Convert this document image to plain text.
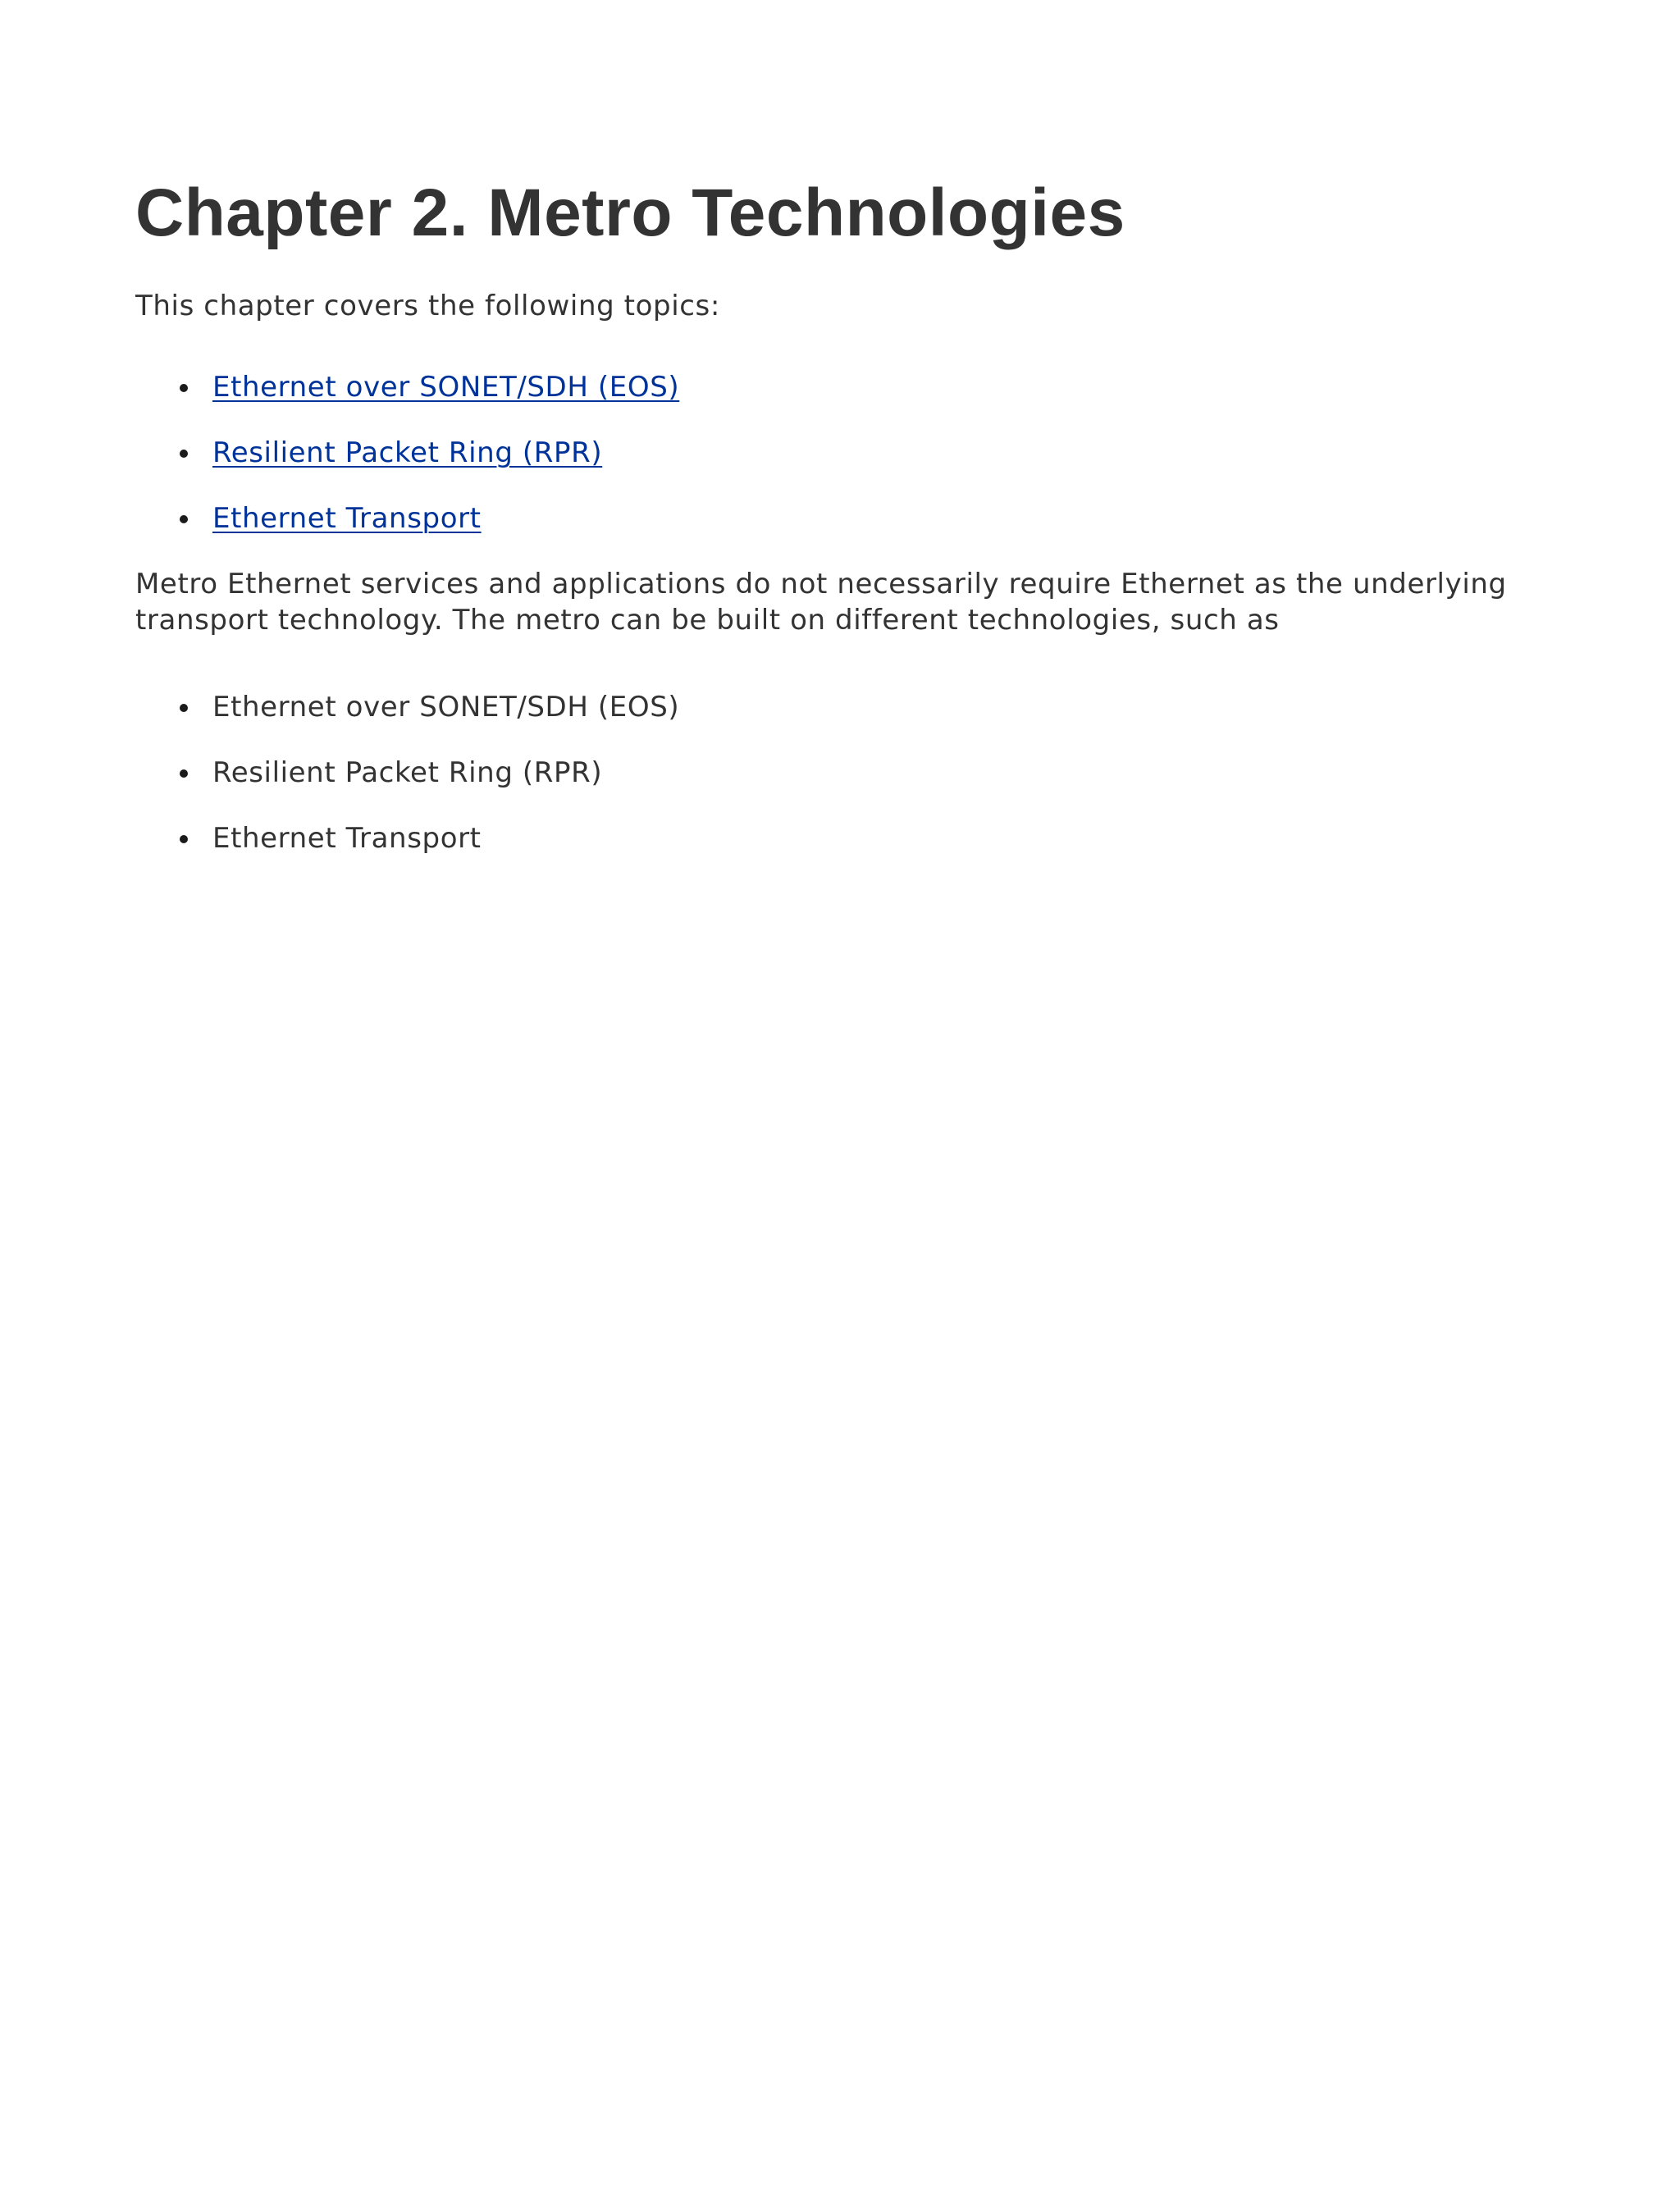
Chapter 2. Metro Technologies

This chapter covers the following topics:

Ethernet over SONET/SDH (EOS)
Resilient Packet Ring (RPR)
Ethernet Transport

Metro Ethernet services and applications do not necessarily require Ethernet as the underlying transport technology. The metro can be built on different technologies, such as

Ethernet over SONET/SDH (EOS)
Resilient Packet Ring (RPR)
Ethernet Transport
